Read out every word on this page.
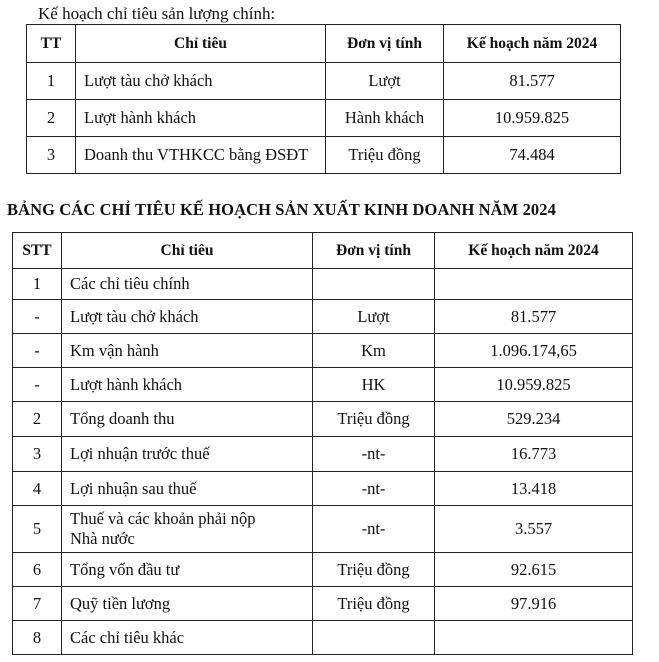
Kế hoạch chỉ tiêu sản lượng chính:
TT	Chỉ tiêu	Đơn vị tính	Kế hoạch năm 2024
1	Lượt tàu chở khách	Lượt	81.577
2	Lượt hành khách	Hành khách	10.959.825
3	Doanh thu VTHKCC bằng ĐSĐT	Triệu đồng	74.484
BẢNG CÁC CHỈ TIÊU KẾ HOẠCH SẢN XUẤT KINH DOANH NĂM 2024
STT	Chỉ tiêu	Đơn vị tính	Kế hoạch năm 2024
1	Các chỉ tiêu chính		
-	Lượt tàu chở khách	Lượt	81.577
-	Km vận hành	Km	1.096.174,65
-	Lượt hành khách	HK	10.959.825
2	Tổng doanh thu	Triệu đồng	529.234
3	Lợi nhuận trước thuế	-nt-	16.773
4	Lợi nhuận sau thuế	-nt-	13.418
5	Thuế và các khoản phải nộp Nhà nước	-nt-	3.557
6	Tổng vốn đầu tư	Triệu đồng	92.615
7	Quỹ tiền lương	Triệu đồng	97.916
8	Các chỉ tiêu khác		
